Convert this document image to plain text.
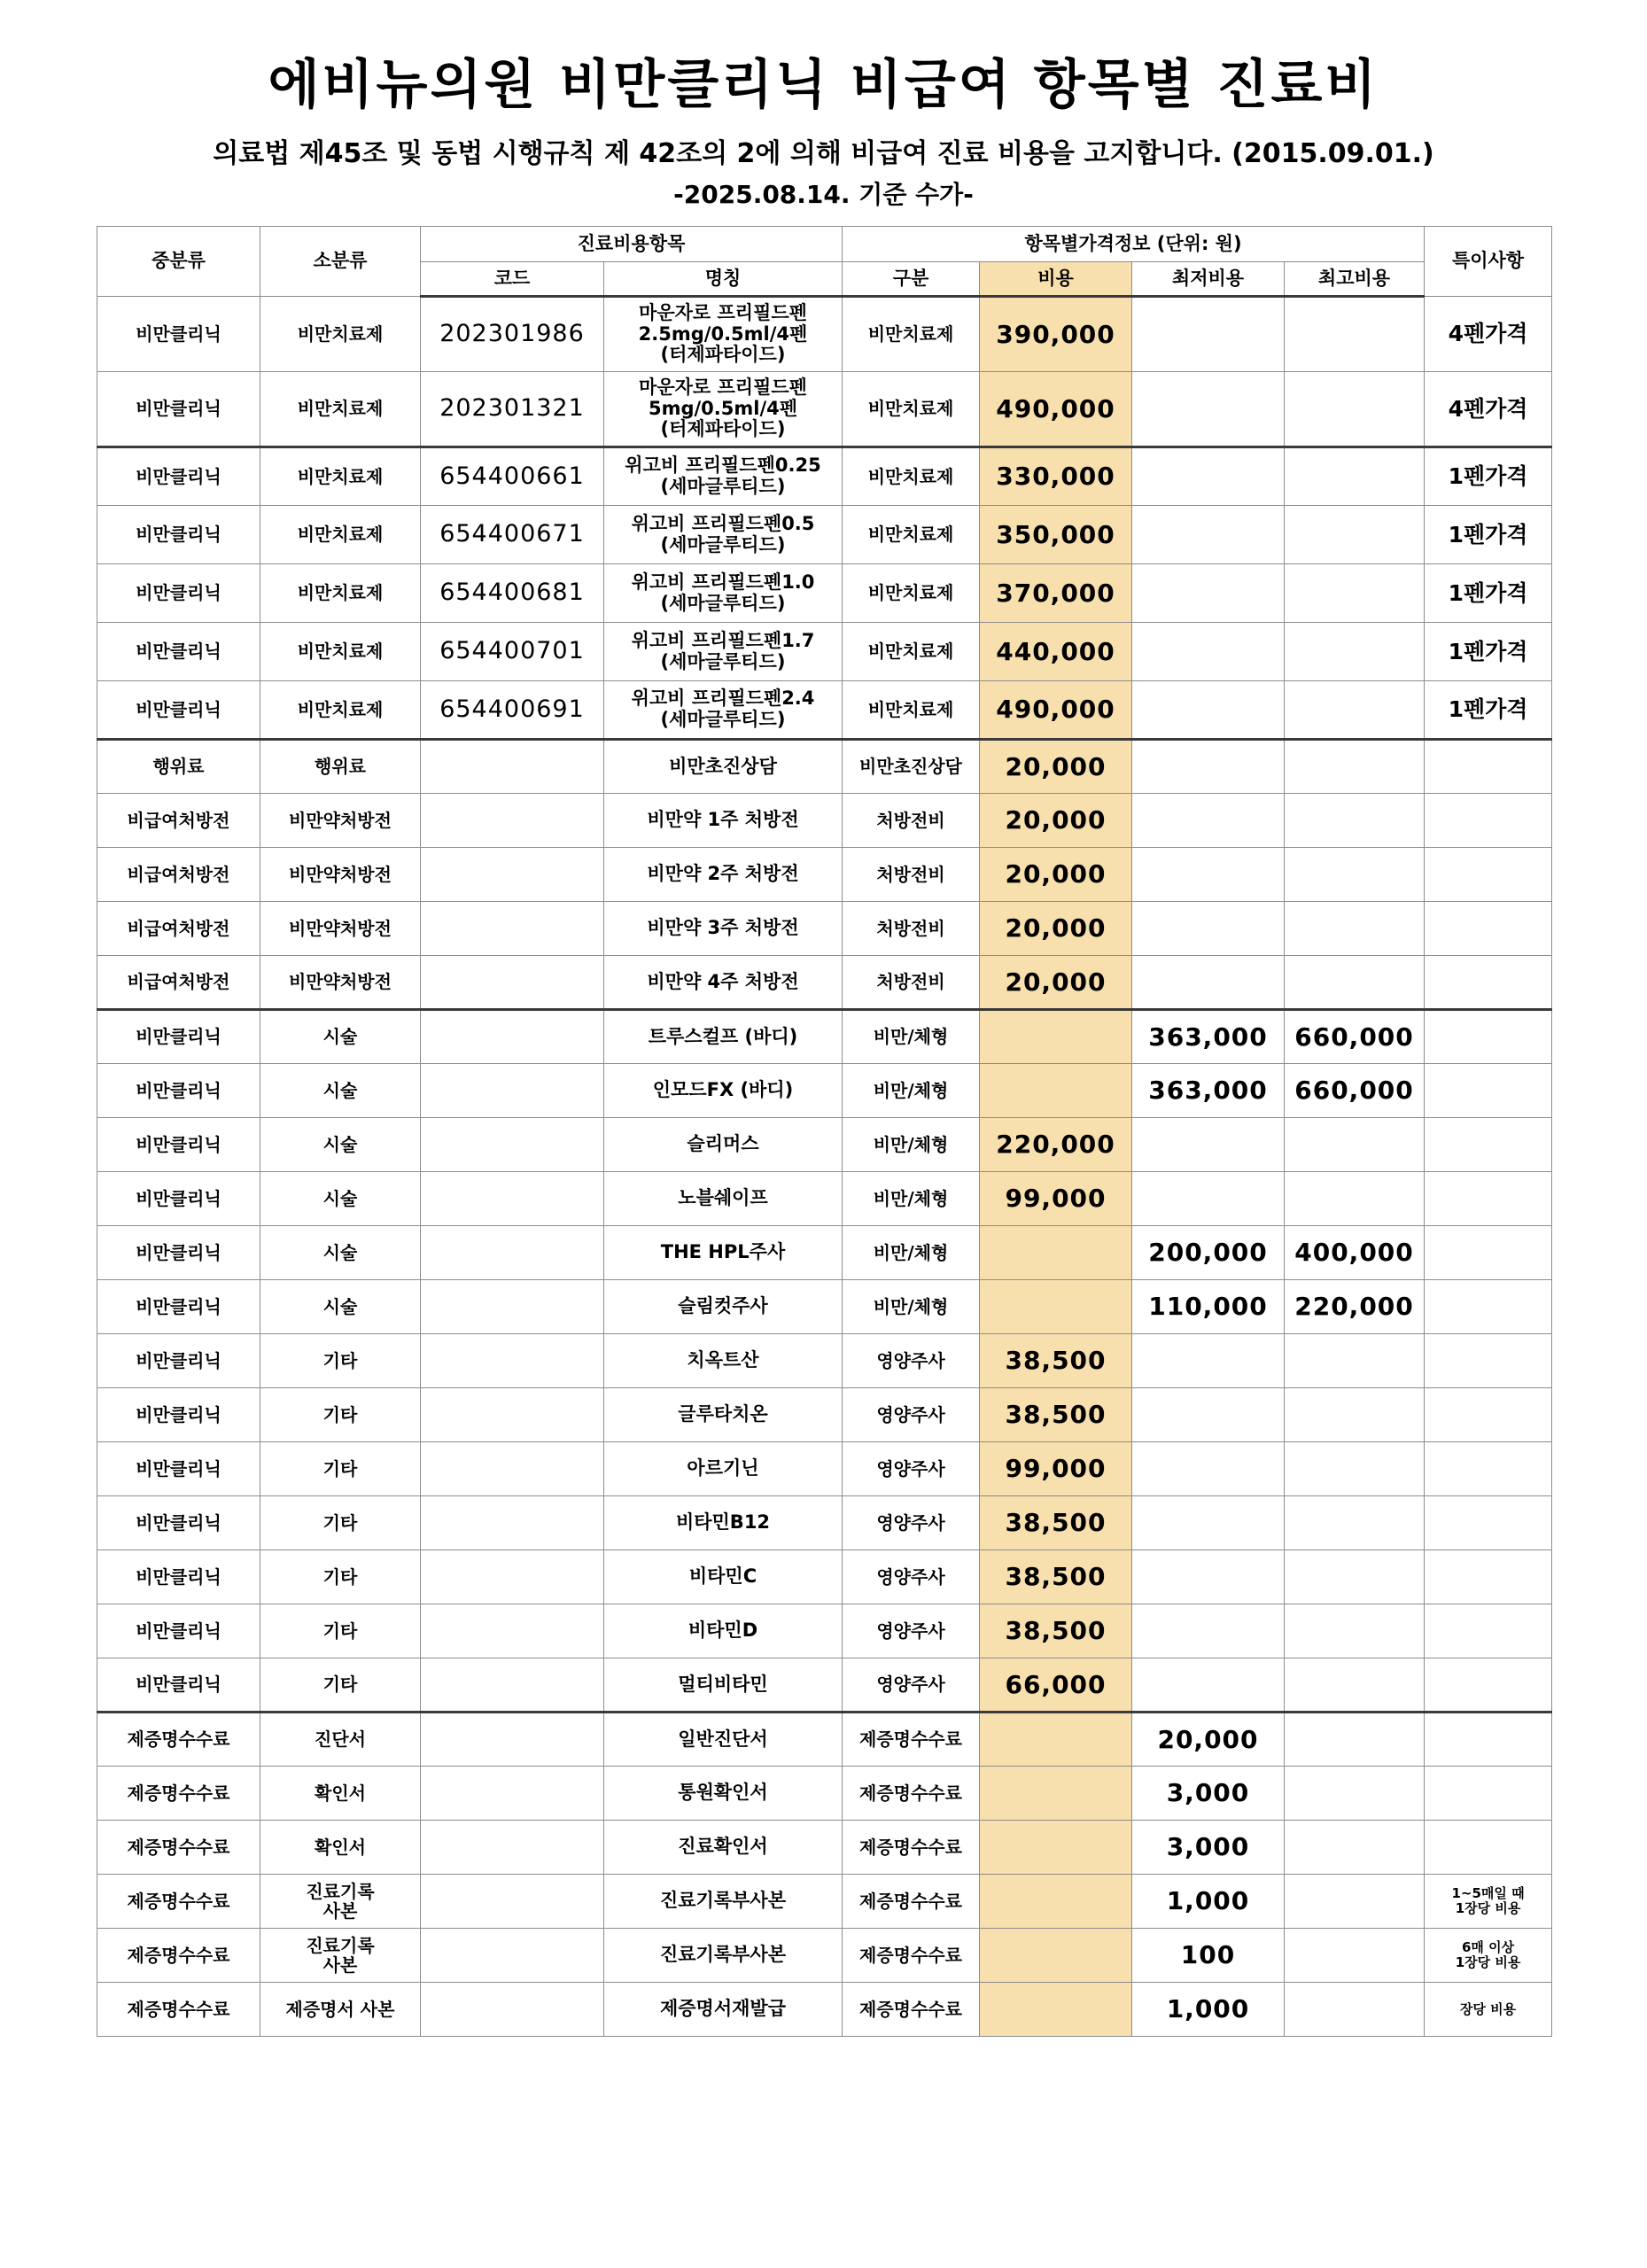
에비뉴의원 비만클리닉 비급여 항목별 진료비

의료법 제45조 및 동법 시행규칙 제 42조의 2에 의해 비급여 진료 비용을 고지합니다. (2015.09.01.)

-2025.08.14. 기준 수가-

중분류	소분류	진료비용항목		항목별가격정보 (단위: 원)				특이사항
		코드	명칭	구분	비용	최저비용	최고비용	
비만클리닉	비만치료제	202301986	마운자로 프리필드펜
2.5mg/0.5ml/4펜
(터제파타이드)	비만치료제	390,000			4펜가격
비만클리닉	비만치료제	202301321	마운자로 프리필드펜
5mg/0.5ml/4펜
(터제파타이드)	비만치료제	490,000			4펜가격
비만클리닉	비만치료제	654400661	위고비 프리필드펜0.25
(세마글루티드)	비만치료제	330,000			1펜가격
비만클리닉	비만치료제	654400671	위고비 프리필드펜0.5
(세마글루티드)	비만치료제	350,000			1펜가격
비만클리닉	비만치료제	654400681	위고비 프리필드펜1.0
(세마글루티드)	비만치료제	370,000			1펜가격
비만클리닉	비만치료제	654400701	위고비 프리필드펜1.7
(세마글루티드)	비만치료제	440,000			1펜가격
비만클리닉	비만치료제	654400691	위고비 프리필드펜2.4
(세마글루티드)	비만치료제	490,000			1펜가격
행위료	행위료		비만초진상담	비만초진상담	20,000			
비급여처방전	비만약처방전		비만약 1주 처방전	처방전비	20,000			
비급여처방전	비만약처방전		비만약 2주 처방전	처방전비	20,000			
비급여처방전	비만약처방전		비만약 3주 처방전	처방전비	20,000			
비급여처방전	비만약처방전		비만약 4주 처방전	처방전비	20,000			
비만클리닉	시술		트루스컬프 (바디)	비만/체형		363,000	660,000	
비만클리닉	시술		인모드FX (바디)	비만/체형		363,000	660,000	
비만클리닉	시술		슬리머스	비만/체형	220,000			
비만클리닉	시술		노블쉐이프	비만/체형	99,000			
비만클리닉	시술		THE HPL주사	비만/체형		200,000	400,000	
비만클리닉	시술		슬림컷주사	비만/체형		110,000	220,000	
비만클리닉	기타		치옥트산	영양주사	38,500			
비만클리닉	기타		글루타치온	영양주사	38,500			
비만클리닉	기타		아르기닌	영양주사	99,000			
비만클리닉	기타		비타민B12	영양주사	38,500			
비만클리닉	기타		비타민C	영양주사	38,500			
비만클리닉	기타		비타민D	영양주사	38,500			
비만클리닉	기타		멀티비타민	영양주사	66,000			
제증명수수료	진단서		일반진단서	제증명수수료		20,000		
제증명수수료	확인서		통원확인서	제증명수수료		3,000		
제증명수수료	확인서		진료확인서	제증명수수료		3,000		
제증명수수료	진료기록
사본		진료기록부사본	제증명수수료		1,000		1~5매일 때
1장당 비용
제증명수수료	진료기록
사본		진료기록부사본	제증명수수료		100		6매 이상
1장당 비용
제증명수수료	제증명서 사본		제증명서재발급	제증명수수료		1,000		장당 비용
